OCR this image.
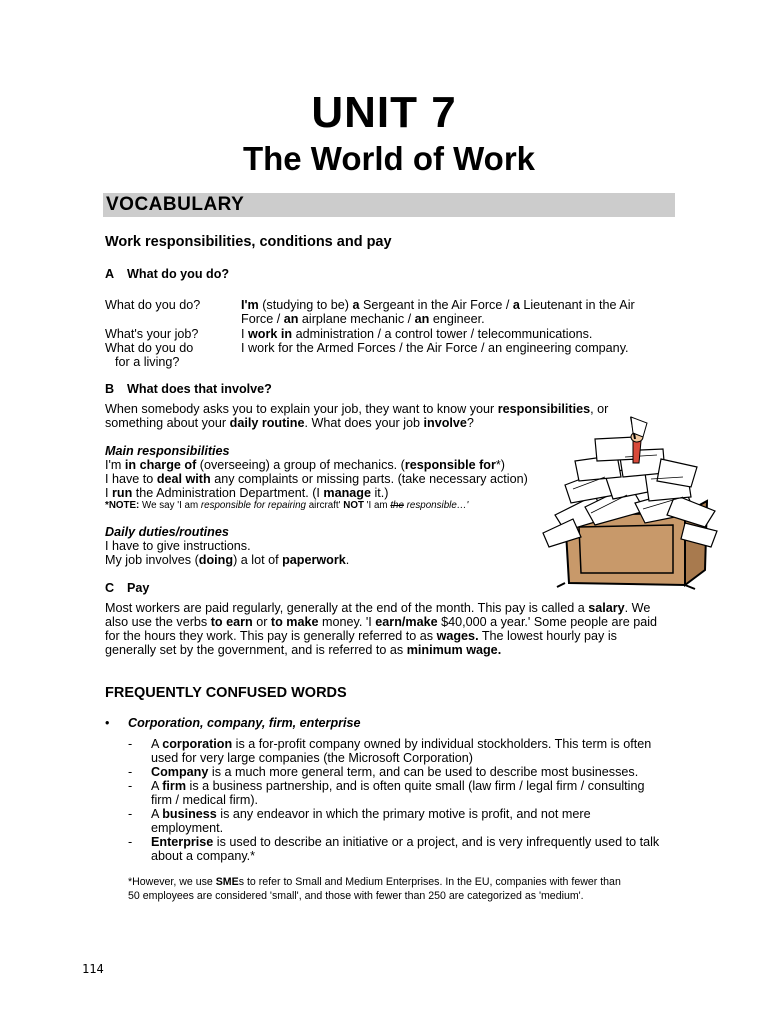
UNIT 7
The World of Work
VOCABULARY
Work responsibilities, conditions and pay
A What do you do?
What do you do?	I'm (studying to be) a Sergeant in the Air Force / a Lieutenant in the Air
Force / an airplane mechanic / an engineer.
What's your job?	I work in administration / a control tower / telecommunications.
What do you do
for a living?
I work for the Armed Forces / the Air Force / an engineering company.
B What does that involve?
When somebody asks you to explain your job, they want to know your responsibilities, or
something about your daily routine. What does your job involve?
Main responsibilities
I'm in charge of (overseeing) a group of mechanics. (responsible for*)
I have to deal with any complaints or missing parts. (take necessary action)
I run the Administration Department. (I manage it.)
*NOTE: We say 'I am responsible for repairing aircraft' NOT 'I am the responsible…'
Daily duties/routines
I have to give instructions.
My job involves (doing) a lot of paperwork.
C Pay
Most workers are paid regularly, generally at the end of the month. This pay is called a salary. We
also use the verbs to earn or to make money. 'I earn/make $40,000 a year.' Some people are paid
for the hours they work. This pay is generally referred to as wages. The lowest hourly pay is
generally set by the government, and is referred to as minimum wage.
FREQUENTLY CONFUSED WORDS
• Corporation, company, firm, enterprise
- A corporation is a for-profit company owned by individual stockholders. This term is often
used for very large companies (the Microsoft Corporation)
- Company is a much more general term, and can be used to describe most businesses.
- A firm is a business partnership, and is often quite small (law firm / legal firm / consulting
firm / medical firm).
- A business is any endeavor in which the primary motive is profit, and not mere
employment.
- Enterprise is used to describe an initiative or a project, and is very infrequently used to talk
about a company.*
*However, we use SMEs to refer to Small and Medium Enterprises. In the EU, companies with fewer than
50 employees are considered 'small', and those with fewer than 250 are categorized as 'medium'.
114
